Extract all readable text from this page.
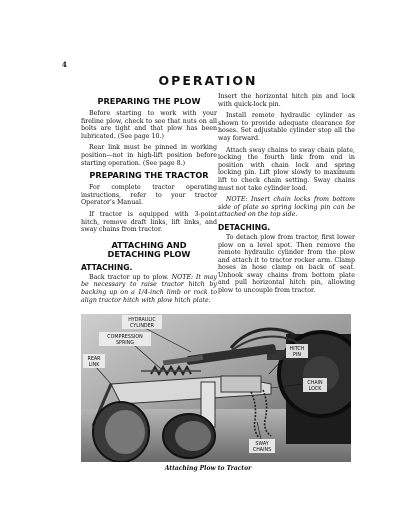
4
OPERATION
PREPARING THE PLOW

Before starting to work with your fireline plow, check to see that nuts on all bolts are tight and that plow has been lubricated. (See page 10.)

Rear link must be pinned in working position—not in high-lift position before starting operation. (See page 8.)

PREPARING THE TRACTOR

For complete tractor operating instructions, refer to your tractor Operator's Manual.

If tractor is equipped with 3-point hitch, remove draft links, lift links, and sway chains from tractor.

ATTACHING AND
DETACHING PLOW
ATTACHING.

Back tractor up to plow. NOTE: It may be necessary to raise tractor hitch by backing up on a 1/4-inch limb or rock to align tractor hitch with plow hitch plate.

Insert the horizontal hitch pin and lock with quick-lock pin.

Install remote hydraulic cylinder as shown to provide adequate clearance for hoses. Set adjustable cylinder stop all the way forward.

Attach sway chains to sway chain plate, locking the fourth link from end in position with chain lock and spring locking pin. Lift plow slowly to maximum lift to check chain setting. Sway chains must not take cylinder load.

NOTE: Insert chain locks from bottom side of plate so spring locking pin can be attached on the top side.

DETACHING.

To detach plow from tractor, first lower plow on a level spot. Then remove the remote hydraulic cylinder from the plow and attach it to tractor rocker arm. Clamp hoses in hose clamp on back of seat. Unhook sway chains from bottom plate and pull horizontal hitch pin, allowing plow to uncouple from tractor.

HYDRAULIC
CYLINDER
COMPRESSION
SPRING
REAR
LINK
HITCH
PIN
CHAIN
LOCK
SWAY
CHAINS
Attaching Plow to Tractor
